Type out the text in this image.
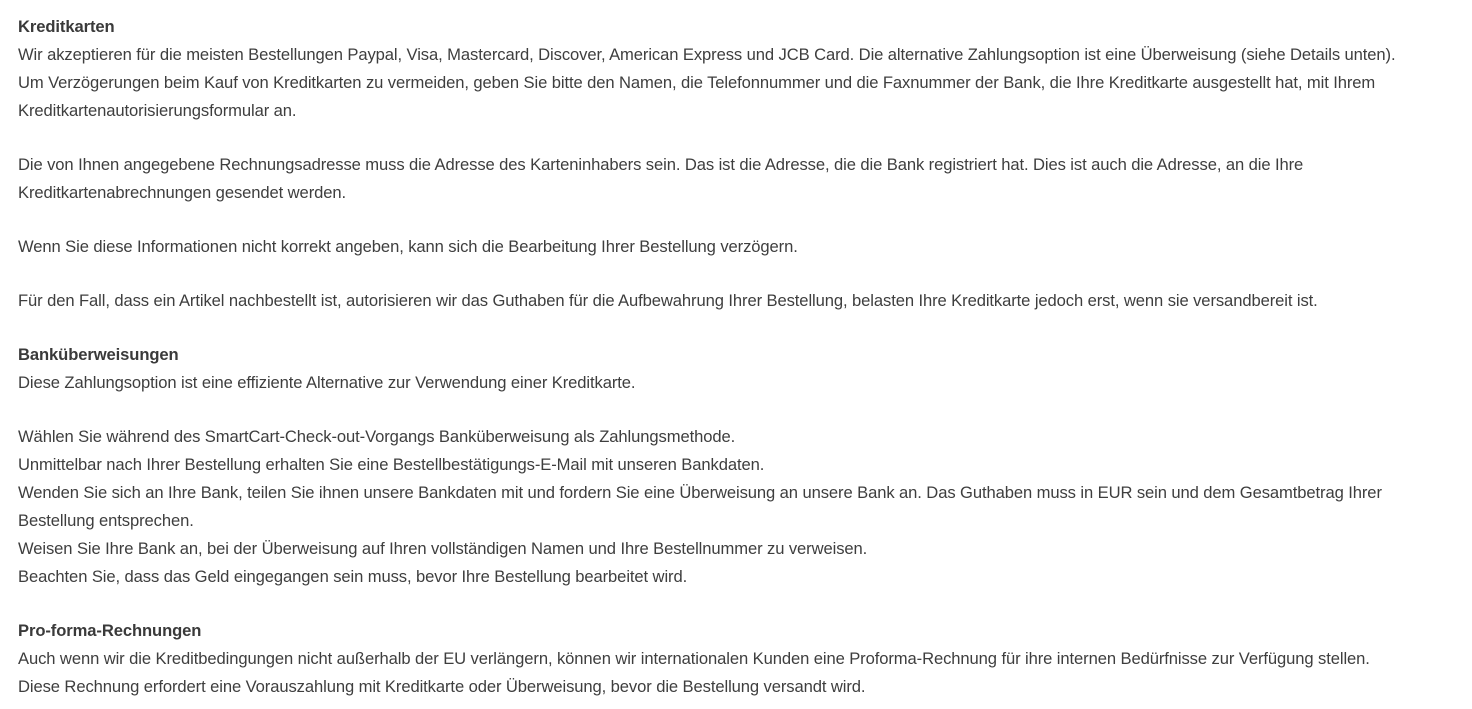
Kreditkarten
Wir akzeptieren für die meisten Bestellungen Paypal, Visa, Mastercard, Discover, American Express und JCB Card. Die alternative Zahlungsoption ist eine Überweisung (siehe Details unten).
Um Verzögerungen beim Kauf von Kreditkarten zu vermeiden, geben Sie bitte den Namen, die Telefonnummer und die Faxnummer der Bank, die Ihre Kreditkarte ausgestellt hat, mit Ihrem
Kreditkartenautorisierungsformular an.
Die von Ihnen angegebene Rechnungsadresse muss die Adresse des Karteninhabers sein. Das ist die Adresse, die die Bank registriert hat. Dies ist auch die Adresse, an die Ihre
Kreditkartenabrechnungen gesendet werden.
Wenn Sie diese Informationen nicht korrekt angeben, kann sich die Bearbeitung Ihrer Bestellung verzögern.
Für den Fall, dass ein Artikel nachbestellt ist, autorisieren wir das Guthaben für die Aufbewahrung Ihrer Bestellung, belasten Ihre Kreditkarte jedoch erst, wenn sie versandbereit ist.
Banküberweisungen
Diese Zahlungsoption ist eine effiziente Alternative zur Verwendung einer Kreditkarte.
Wählen Sie während des SmartCart-Check-out-Vorgangs Banküberweisung als Zahlungsmethode.
Unmittelbar nach Ihrer Bestellung erhalten Sie eine Bestellbestätigungs-E-Mail mit unseren Bankdaten.
Wenden Sie sich an Ihre Bank, teilen Sie ihnen unsere Bankdaten mit und fordern Sie eine Überweisung an unsere Bank an. Das Guthaben muss in EUR sein und dem Gesamtbetrag Ihrer
Bestellung entsprechen.
Weisen Sie Ihre Bank an, bei der Überweisung auf Ihren vollständigen Namen und Ihre Bestellnummer zu verweisen.
Beachten Sie, dass das Geld eingegangen sein muss, bevor Ihre Bestellung bearbeitet wird.
Pro-forma-Rechnungen
Auch wenn wir die Kreditbedingungen nicht außerhalb der EU verlängern, können wir internationalen Kunden eine Proforma-Rechnung für ihre internen Bedürfnisse zur Verfügung stellen.
Diese Rechnung erfordert eine Vorauszahlung mit Kreditkarte oder Überweisung, bevor die Bestellung versandt wird.
